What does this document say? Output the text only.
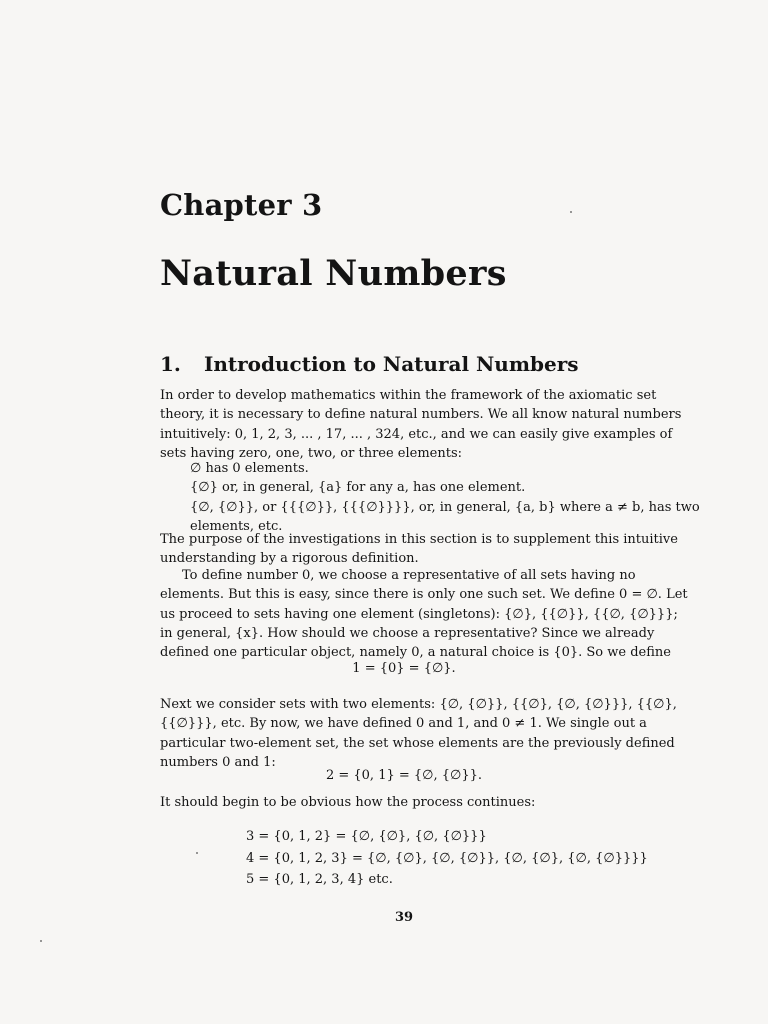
Chapter 3
Natural Numbers
1. Introduction to Natural Numbers

In order to develop mathematics within the framework of the axiomatic set theory, it is necessary to define natural numbers. We all know natural numbers intuitively: 0, 1, 2, 3, ... , 17, ... , 324, etc., and we can easily give examples of sets having zero, one, two, or three elements:

∅ has 0 elements.
{∅} or, in general, {a} for any a, has one element.
{∅, {∅}}, or {{{∅}}, {{{∅}}}}, or, in general, {a, b} where a ≠ b, has two
elements, etc.

The purpose of the investigations in this section is to supplement this intuitive understanding by a rigorous definition.

To define number 0, we choose a representative of all sets having no elements. But this is easy, since there is only one such set. We define 0 = ∅. Let us proceed to sets having one element (singletons): {∅}, {{∅}}, {{∅, {∅}}}; in general, {x}. How should we choose a representative? Since we already defined one particular object, namely 0, a natural choice is {0}. So we define

1 = {0} = {∅}.

Next we consider sets with two elements: {∅, {∅}}, {{∅}, {∅, {∅}}}, {{∅}, {{∅}}}, etc. By now, we have defined 0 and 1, and 0 ≠ 1. We single out a particular two-element set, the set whose elements are the previously defined numbers 0 and 1:

2 = {0, 1} = {∅, {∅}}.

It should begin to be obvious how the process continues:

3 = {0, 1, 2} = {∅, {∅}, {∅, {∅}}}
4 = {0, 1, 2, 3} = {∅, {∅}, {∅, {∅}}, {∅, {∅}, {∅, {∅}}}}
5 = {0, 1, 2, 3, 4} etc.
39
